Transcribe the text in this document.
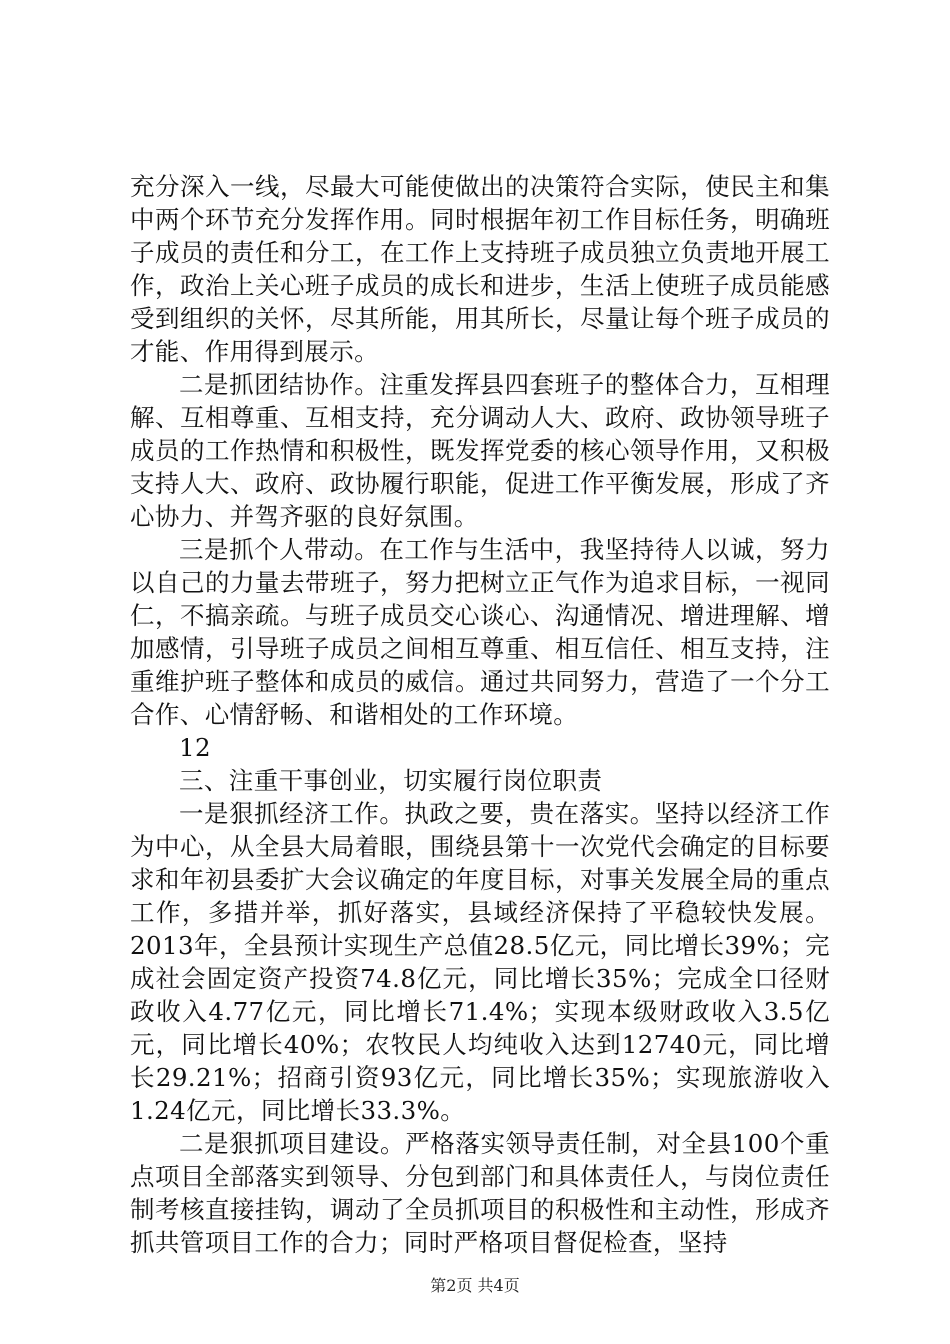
充分深入一线，尽最大可能使做出的决策符合实际，使民主和集中两个环节充分发挥作用。同时根据年初工作目标任务，明确班子成员的责任和分工，在工作上支持班子成员独立负责地开展工作，政治上关心班子成员的成长和进步，生活上使班子成员能感受到组织的关怀，尽其所能，用其所长，尽量让每个班子成员的才能、作用得到展示。

二是抓团结协作。注重发挥县四套班子的整体合力，互相理解、互相尊重、互相支持，充分调动人大、政府、政协领导班子成员的工作热情和积极性，既发挥党委的核心领导作用，又积极支持人大、政府、政协履行职能，促进工作平衡发展，形成了齐心协力、并驾齐驱的良好氛围。

三是抓个人带动。在工作与生活中，我坚持待人以诚，努力以自己的力量去带班子，努力把树立正气作为追求目标，一视同仁，不搞亲疏。与班子成员交心谈心、沟通情况、增进理解、增加感情，引导班子成员之间相互尊重、相互信任、相互支持，注重维护班子整体和成员的威信。通过共同努力，营造了一个分工合作、心情舒畅、和谐相处的工作环境。

12

三、注重干事创业，切实履行岗位职责

一是狠抓经济工作。执政之要，贵在落实。坚持以经济工作为中心，从全县大局着眼，围绕县第十一次党代会确定的目标要求和年初县委扩大会议确定的年度目标，对事关发展全局的重点工作，多措并举，抓好落实，县域经济保持了平稳较快发展。2013年，全县预计实现生产总值28.5亿元，同比增长39%；完成社会固定资产投资74.8亿元，同比增长35%；完成全口径财政收入4.77亿元，同比增长71.4%；实现本级财政收入3.5亿元，同比增长40%；农牧民人均纯收入达到12740元，同比增长29.21%；招商引资93亿元，同比增长35%；实现旅游收入1.24亿元，同比增长33.3%。

二是狠抓项目建设。严格落实领导责任制，对全县100个重点项目全部落实到领导、分包到部门和具体责任人，与岗位责任制考核直接挂钩，调动了全员抓项目的积极性和主动性，形成齐抓共管项目工作的合力；同时严格项目督促检查，坚持

第2页 共4页
